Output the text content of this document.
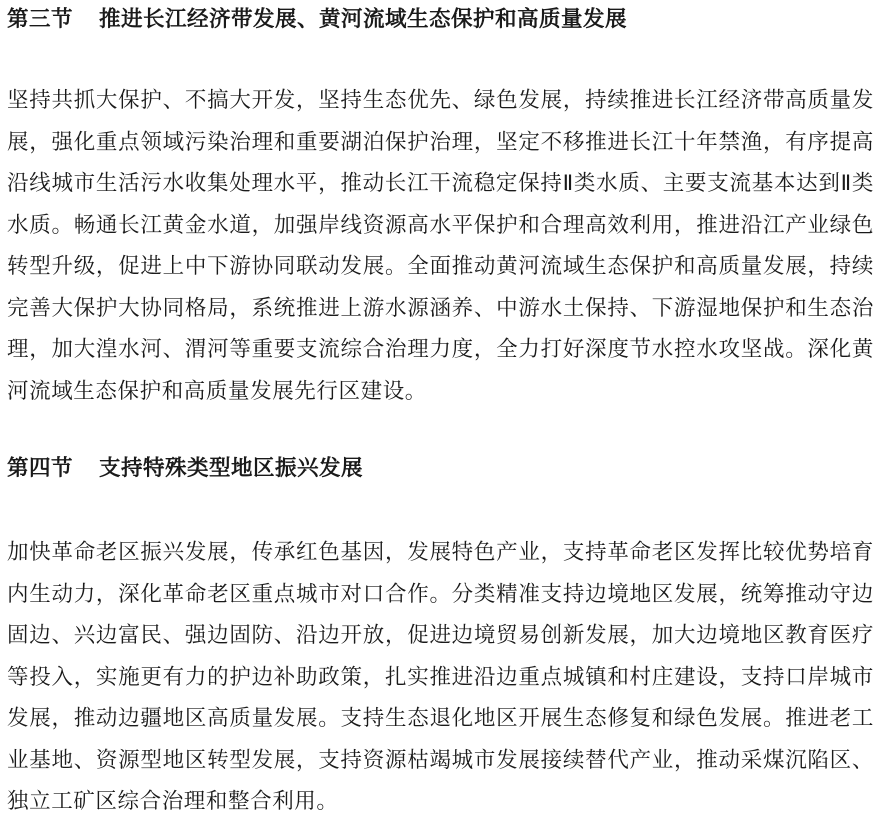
第三节 推进长江经济带发展、黄河流域生态保护和高质量发展

坚持共抓大保护、不搞大开发，坚持生态优先、绿色发展，持续推进长江经济带高质量发展，强化重点领域污染治理和重要湖泊保护治理，坚定不移推进长江十年禁渔，有序提高沿线城市生活污水收集处理水平，推动长江干流稳定保持Ⅱ类水质、主要支流基本达到Ⅱ类水质。畅通长江黄金水道，加强岸线资源高水平保护和合理高效利用，推进沿江产业绿色转型升级，促进上中下游协同联动发展。全面推动黄河流域生态保护和高质量发展，持续完善大保护大协同格局，系统推进上游水源涵养、中游水土保持、下游湿地保护和生态治理，加大湟水河、渭河等重要支流综合治理力度，全力打好深度节水控水攻坚战。深化黄河流域生态保护和高质量发展先行区建设。

第四节 支持特殊类型地区振兴发展

加快革命老区振兴发展，传承红色基因，发展特色产业，支持革命老区发挥比较优势培育内生动力，深化革命老区重点城市对口合作。分类精准支持边境地区发展，统筹推动守边固边、兴边富民、强边固防、沿边开放，促进边境贸易创新发展，加大边境地区教育医疗等投入，实施更有力的护边补助政策，扎实推进沿边重点城镇和村庄建设，支持口岸城市发展，推动边疆地区高质量发展。支持生态退化地区开展生态修复和绿色发展。推进老工业基地、资源型地区转型发展，支持资源枯竭城市发展接续替代产业，推动采煤沉陷区、独立工矿区综合治理和整合利用。
